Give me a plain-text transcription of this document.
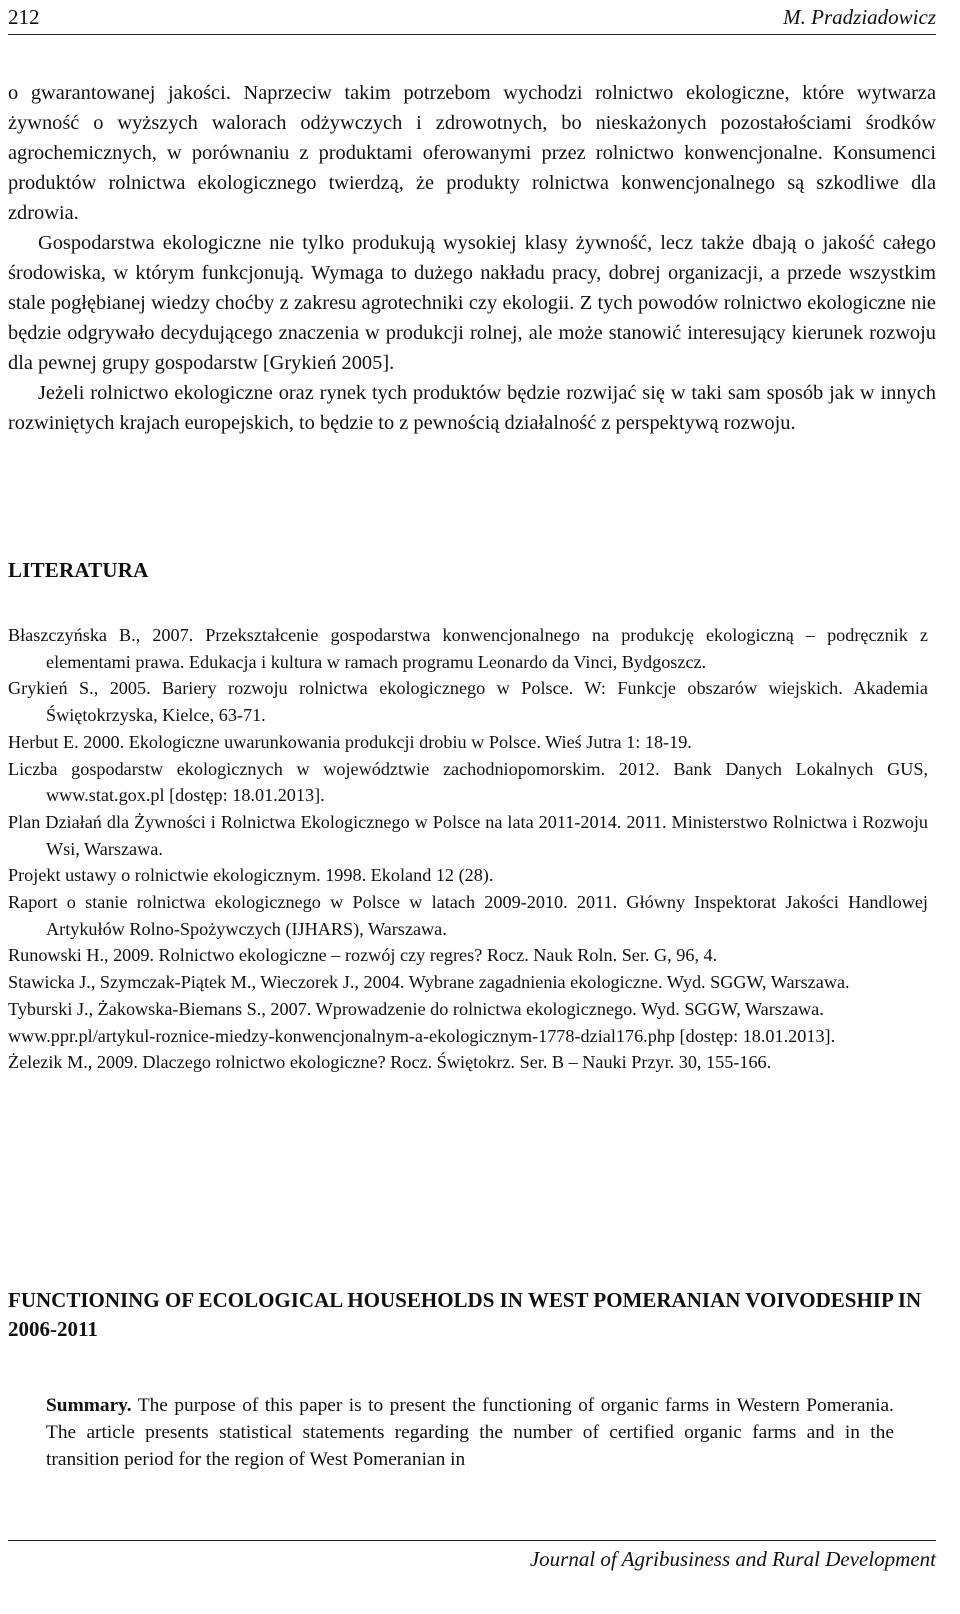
212	M. Pradziadowicz

o gwarantowanej jakości. Naprzeciw takim potrzebom wychodzi rolnictwo ekologiczne, które wytwarza żywność o wyższych walorach odżywczych i zdrowotnych, bo nieskażonych pozostałościami środków agrochemicznych, w porównaniu z produktami oferowanymi przez rolnictwo konwencjonalne. Konsumenci produktów rolnictwa ekologicznego twierdzą, że produkty rolnictwa konwencjonalnego są szkodliwe dla zdrowia.

Gospodarstwa ekologiczne nie tylko produkują wysokiej klasy żywność, lecz także dbają o jakość całego środowiska, w którym funkcjonują. Wymaga to dużego nakładu pracy, dobrej organizacji, a przede wszystkim stale pogłębianej wiedzy choćby z zakresu agrotechniki czy ekologii. Z tych powodów rolnictwo ekologiczne nie będzie odgrywało decydującego znaczenia w produkcji rolnej, ale może stanowić interesujący kierunek rozwoju dla pewnej grupy gospodarstw [Grykień 2005].

Jeżeli rolnictwo ekologiczne oraz rynek tych produktów będzie rozwijać się w taki sam sposób jak w innych rozwiniętych krajach europejskich, to będzie to z pewnością działalność z perspektywą rozwoju.

LITERATURA

Błaszczyńska B., 2007. Przekształcenie gospodarstwa konwencjonalnego na produkcję ekologiczną – podręcznik z elementami prawa. Edukacja i kultura w ramach programu Leonardo da Vinci, Bydgoszcz.

Grykień S., 2005. Bariery rozwoju rolnictwa ekologicznego w Polsce. W: Funkcje obszarów wiejskich. Akademia Świętokrzyska, Kielce, 63-71.

Herbut E. 2000. Ekologiczne uwarunkowania produkcji drobiu w Polsce. Wieś Jutra 1: 18-19.

Liczba gospodarstw ekologicznych w województwie zachodniopomorskim. 2012. Bank Danych Lokalnych GUS, www.stat.gox.pl [dostęp: 18.01.2013].

Plan Działań dla Żywności i Rolnictwa Ekologicznego w Polsce na lata 2011-2014. 2011. Ministerstwo Rolnictwa i Rozwoju Wsi, Warszawa.

Projekt ustawy o rolnictwie ekologicznym. 1998. Ekoland 12 (28).

Raport o stanie rolnictwa ekologicznego w Polsce w latach 2009-2010. 2011. Główny Inspektorat Jakości Handlowej Artykułów Rolno-Spożywczych (IJHARS), Warszawa.

Runowski H., 2009. Rolnictwo ekologiczne – rozwój czy regres? Rocz. Nauk Roln. Ser. G, 96, 4.

Stawicka J., Szymczak-Piątek M., Wieczorek J., 2004. Wybrane zagadnienia ekologiczne. Wyd. SGGW, Warszawa.

Tyburski J., Żakowska-Biemans S., 2007. Wprowadzenie do rolnictwa ekologicznego. Wyd. SGGW, Warszawa.

www.ppr.pl/artykul-roznice-miedzy-konwencjonalnym-a-ekologicznym-1778-dzial176.php [dostęp: 18.01.2013].

Żelezik M., 2009. Dlaczego rolnictwo ekologiczne? Rocz. Świętokrz. Ser. B – Nauki Przyr. 30, 155-166.

FUNCTIONING OF ECOLOGICAL HOUSEHOLDS IN WEST POMERANIAN VOIVODESHIP IN 2006-2011
Summary. The purpose of this paper is to present the functioning of organic farms in Western Pomerania. The article presents statistical statements regarding the number of certified organic farms and in the transition period for the region of West Pomeranian in
Journal of Agribusiness and Rural Development
